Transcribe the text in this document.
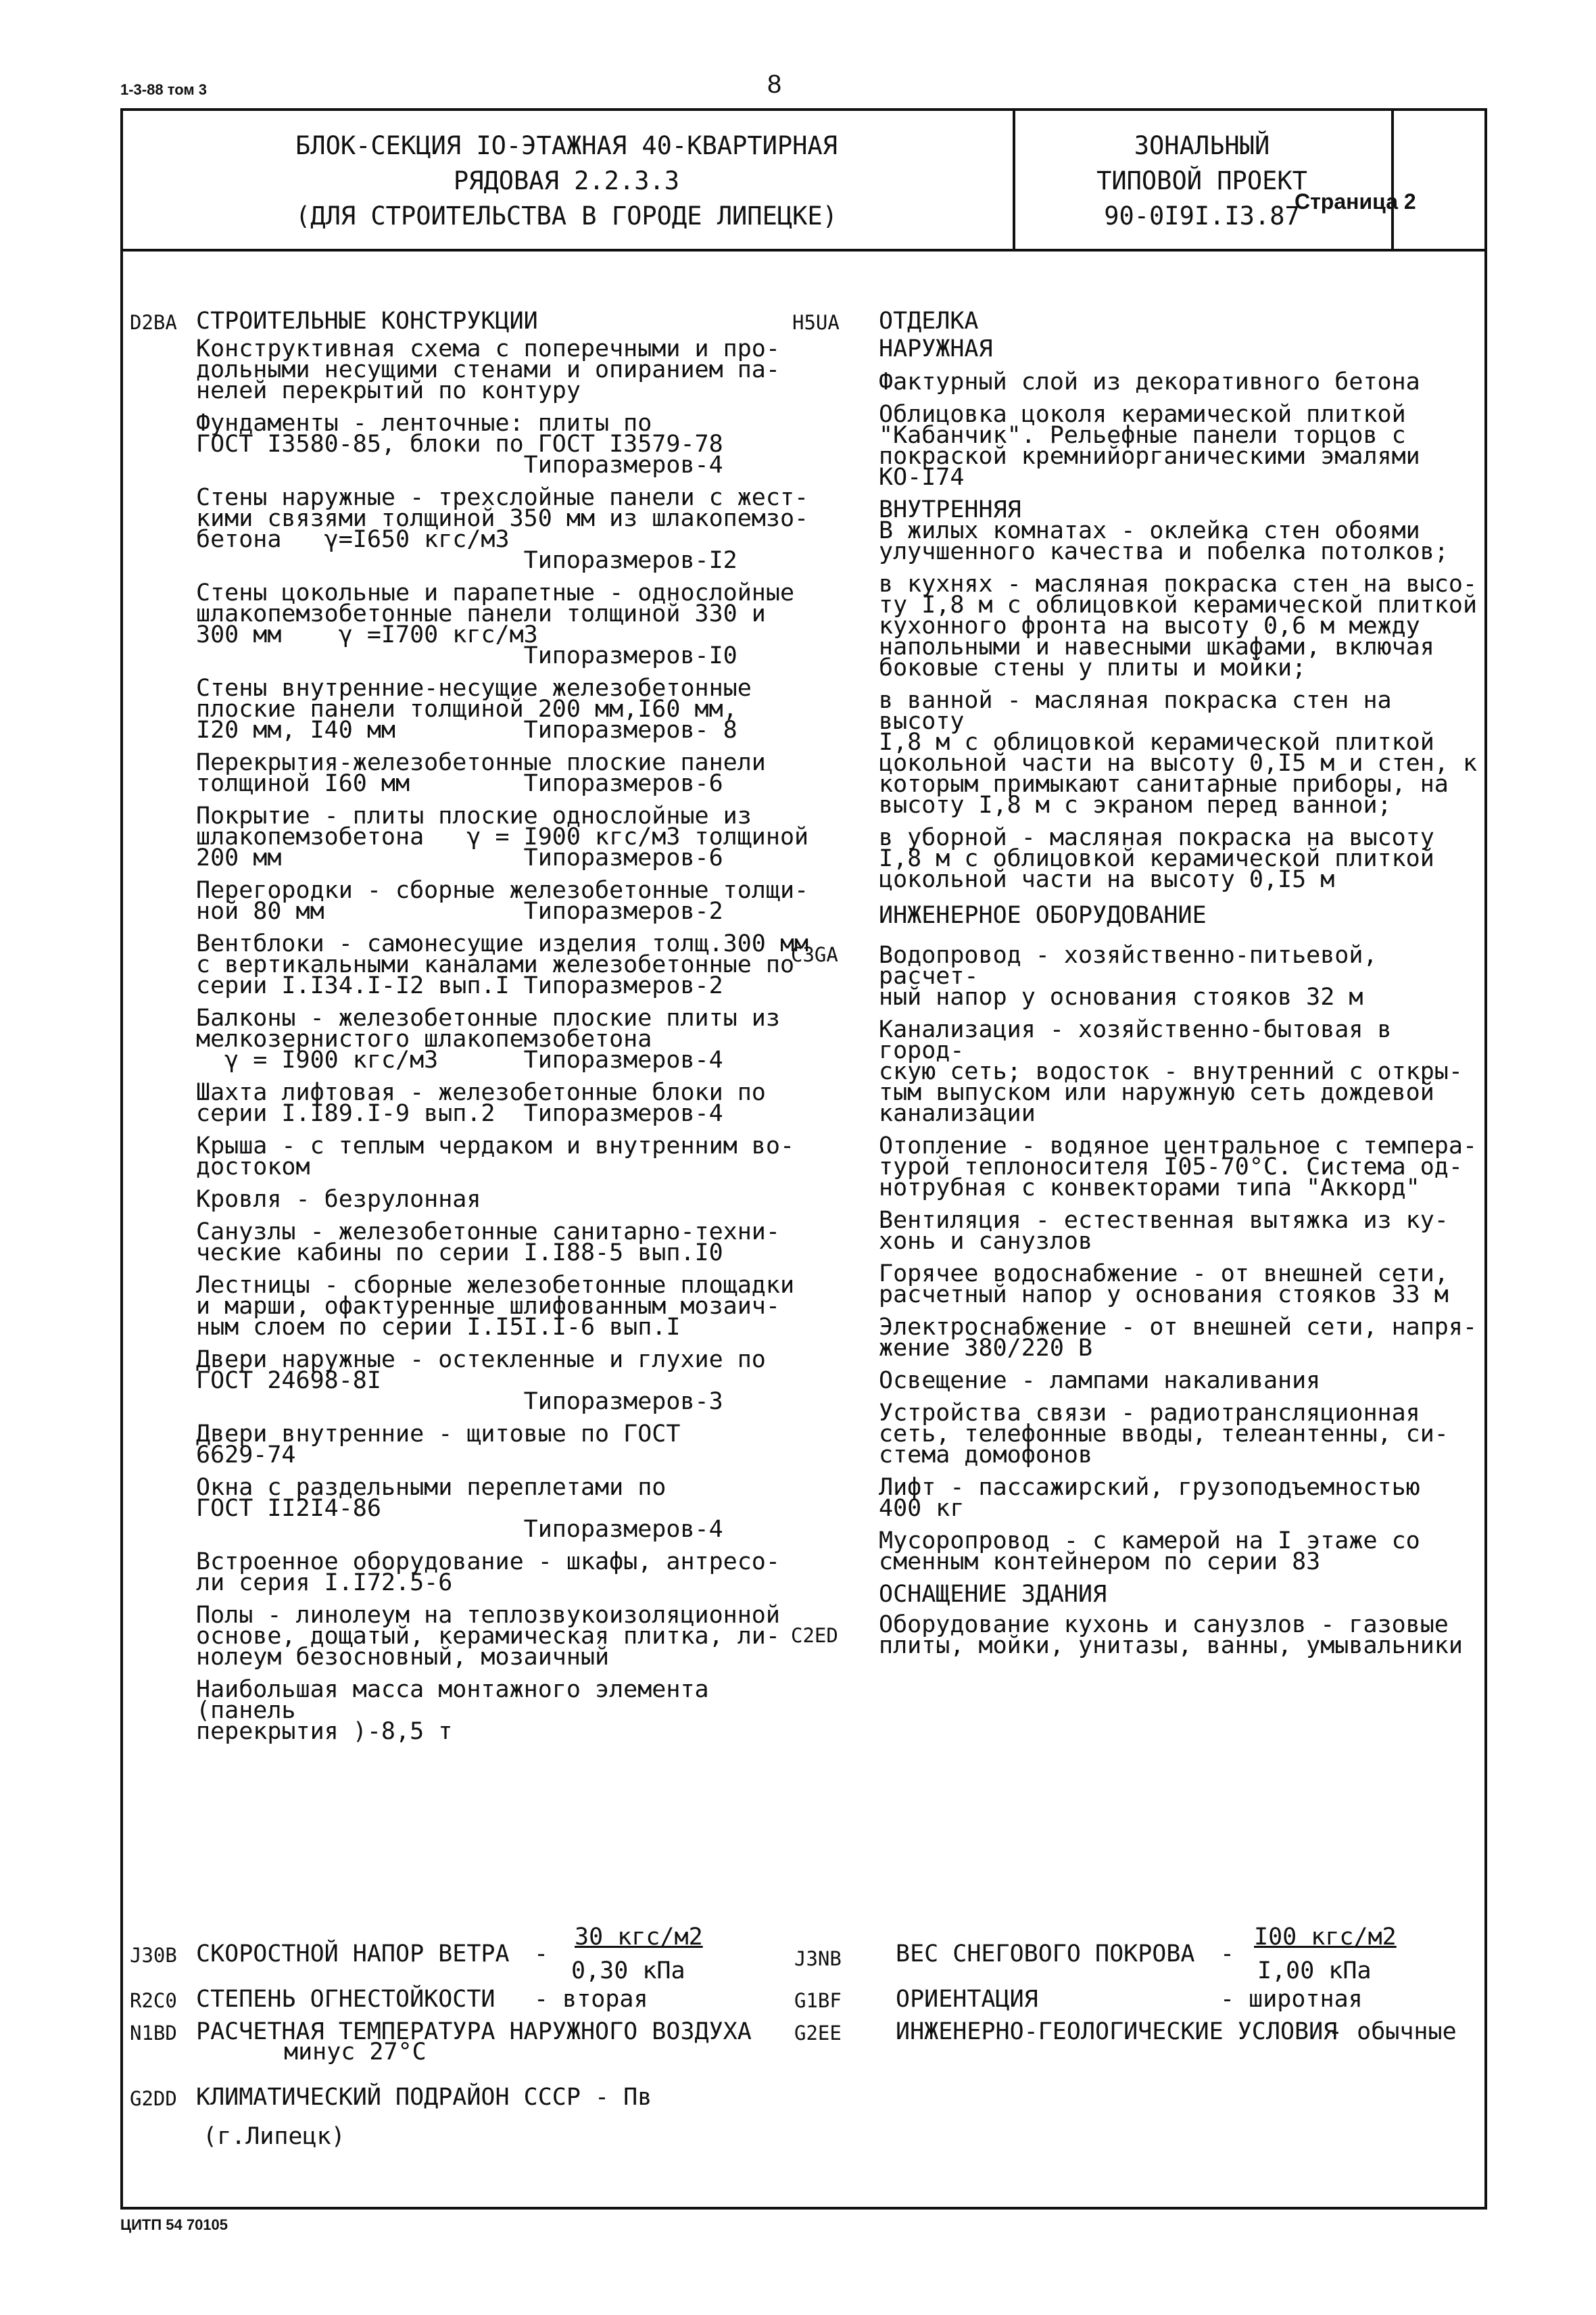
1-3-88 том 3	8
БЛОК-СЕКЦИЯ IO-ЭТАЖНАЯ 40-КВАРТИРНАЯ
РЯДОВАЯ 2.2.3.3
(ДЛЯ СТРОИТЕЛЬСТВА В ГОРОДЕ ЛИПЕЦКЕ)
ЗОНАЛЬНЫЙ
ТИПОВОЙ ПРОЕКТ
90-0I9I.I3.87
Страница 2
D2BA СТРОИТЕЛЬНЫЕ КОНСТРУКЦИИ
Конструктивная схема с поперечными и про-
дольными несущими стенами и опиранием па-
нелей перекрытий по контуру
Фундаменты - ленточные: плиты по
ГОСТ I3580-85, блоки по ГОСТ I3579-78
Типоразмеров-4
Стены наружные - трехслойные панели с жест-
кими связями толщиной 350 мм из шлакопемзо-
бетона   γ=I650 кгс/м3
Типоразмеров-I2
Стены цокольные и парапетные - однослойные
шлакопемзобетонные панели толщиной 330 и
300 мм    γ =I700 кгс/м3
Типоразмеров-I0
Стены внутренние-несущие железобетонные
плоские панели толщиной 200 мм,I60 мм,
I20 мм, I40 мм         Типоразмеров- 8
Перекрытия-железобетонные плоские панели
толщиной I60 мм        Типоразмеров-6
Покрытие - плиты плоские однослойные из
шлакопемзобетона   γ = I900 кгс/м3 толщиной
200 мм                 Типоразмеров-6
Перегородки - сборные железобетонные толщи-
ной 80 мм              Типоразмеров-2
Вентблоки - самонесущие изделия толщ.300 мм
с вертикальными каналами железобетонные по
серии I.I34.I-I2 вып.I Типоразмеров-2
Балконы - железобетонные плоские плиты из
мелкозернистого шлакопемзобетона
γ = I900 кгс/м3      Типоразмеров-4
Шахта лифтовая - железобетонные блоки по
серии I.I89.I-9 вып.2  Типоразмеров-4
Крыша - с теплым чердаком и внутренним во-
достоком
Кровля - безрулонная
Санузлы - железобетонные санитарно-техни-
ческие кабины по серии I.I88-5 вып.I0
Лестницы - сборные железобетонные площадки
и марши, офактуренные шлифованным мозаич-
ным слоем по серии I.I5I.I-6 вып.I
Двери наружные - остекленные и глухие по
ГОСТ 24698-8I
Типоразмеров-3
Двери внутренние - щитовые по ГОСТ
6629-74
Окна с раздельными переплетами по
ГОСТ II2I4-86
Типоразмеров-4
Встроенное оборудование - шкафы, антресо-
ли серия I.I72.5-6
Полы - линолеум на теплозвукоизоляционной
основе, дощатый, керамическая плитка, ли-
нолеум безосновный, мозаичный
Наибольшая масса монтажного элемента (панель
перекрытия )-8,5 т
C3GA
C2ED
H5UA ОТДЕЛКА
НАРУЖНАЯ
Фактурный слой из декоративного бетона
Облицовка цоколя керамической плиткой
"Кабанчик". Рельефные панели торцов с
покраской кремнийорганическими эмалями
КО-I74
ВНУТРЕННЯЯ
В жилых комнатах - оклейка стен обоями
улучшенного качества и побелка потолков;
в кухнях - масляная покраска стен на высо-
ту I,8 м с облицовкой керамической плиткой
кухонного фронта на высоту 0,6 м между
напольными и навесными шкафами, включая
боковые стены у плиты и мойки;
в ванной - масляная покраска стен на высоту
I,8 м с облицовкой керамической плиткой
цокольной части на высоту 0,I5 м и стен, к
которым примыкают санитарные приборы, на
высоту I,8 м с экраном перед ванной;
в уборной - масляная покраска на высоту
I,8 м с облицовкой керамической плиткой
цокольной части на высоту 0,I5 м
ИНЖЕНЕРНОЕ ОБОРУДОВАНИЕ
Водопровод - хозяйственно-питьевой, расчет-
ный напор у основания стояков 32 м
Канализация - хозяйственно-бытовая в город-
скую сеть; водосток - внутренний с откры-
тым выпуском или наружную сеть дождевой
канализации
Отопление - водяное центральное с темпера-
турой теплоносителя I05-70°С. Система од-
нотрубная с конвекторами типа "Аккорд"
Вентиляция - естественная вытяжка из ку-
хонь и санузлов
Горячее водоснабжение - от внешней сети,
расчетный напор у основания стояков 33 м
Электроснабжение - от внешней сети, напря-
жение 380/220 В
Освещение - лампами накаливания
Устройства связи - радиотрансляционная
сеть, телефонные вводы, телеантенны, си-
стема домофонов
Лифт - пассажирский, грузоподъемностью
400 кг
Мусоропровод - с камерой на I этаже со
сменным контейнером по серии 83
ОСНАЩЕНИЕ ЗДАНИЯ
Оборудование кухонь и санузлов - газовые
плиты, мойки, унитазы, ванны, умывальники
J30B СКОРОСТНОЙ НАПОР ВЕТРА -
30 кгс/м2
0,30 кПа	J3NB ВЕС СНЕГОВОГО ПОКРОВА -
I00 кгс/м2
I,00 кПа
R2C0 СТЕПЕНЬ ОГНЕСТОЙКОСТИ - вторая	G1BF ОРИЕНТАЦИЯ	- широтная
N1BD РАСЧЕТНАЯ ТЕМПЕРАТУРА НАРУЖНОГО ВОЗДУХА
минус 27°С
G2EE ИНЖЕНЕРНО-ГЕОЛОГИЧЕСКИЕ УСЛОВИЯ
- обычные
G2DD КЛИМАТИЧЕСКИЙ ПОДРАЙОН СССР - Пв
(г.Липецк)
ЦИТП 54 70105
